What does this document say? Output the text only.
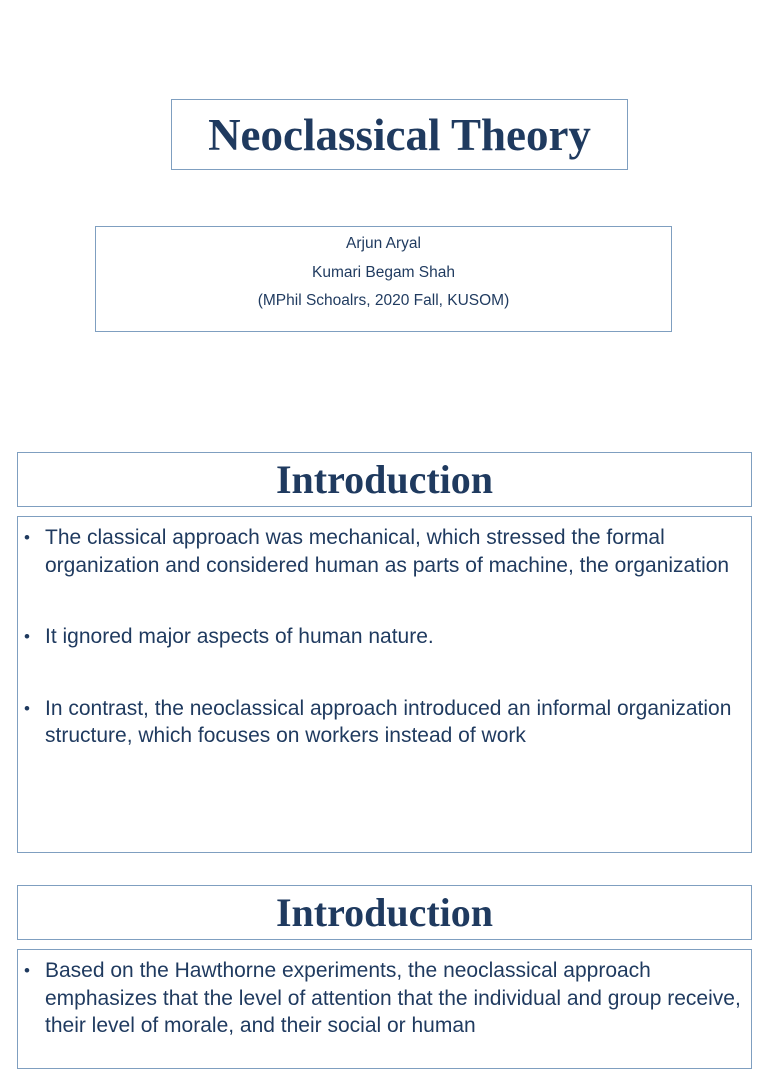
Neoclassical Theory
Arjun Aryal
Kumari Begam Shah
(MPhil Schoalrs, 2020 Fall, KUSOM)
Introduction
• The classical approach was mechanical, which stressed the formal organization and considered human as parts of machine, the organization
• It ignored major aspects of human nature.
• In contrast, the neoclassical approach introduced an informal organization structure, which focuses on workers instead of work
Introduction
• Based on the Hawthorne experiments, the neoclassical approach emphasizes that the level of attention that the individual and group receive, their level of morale, and their social or human
